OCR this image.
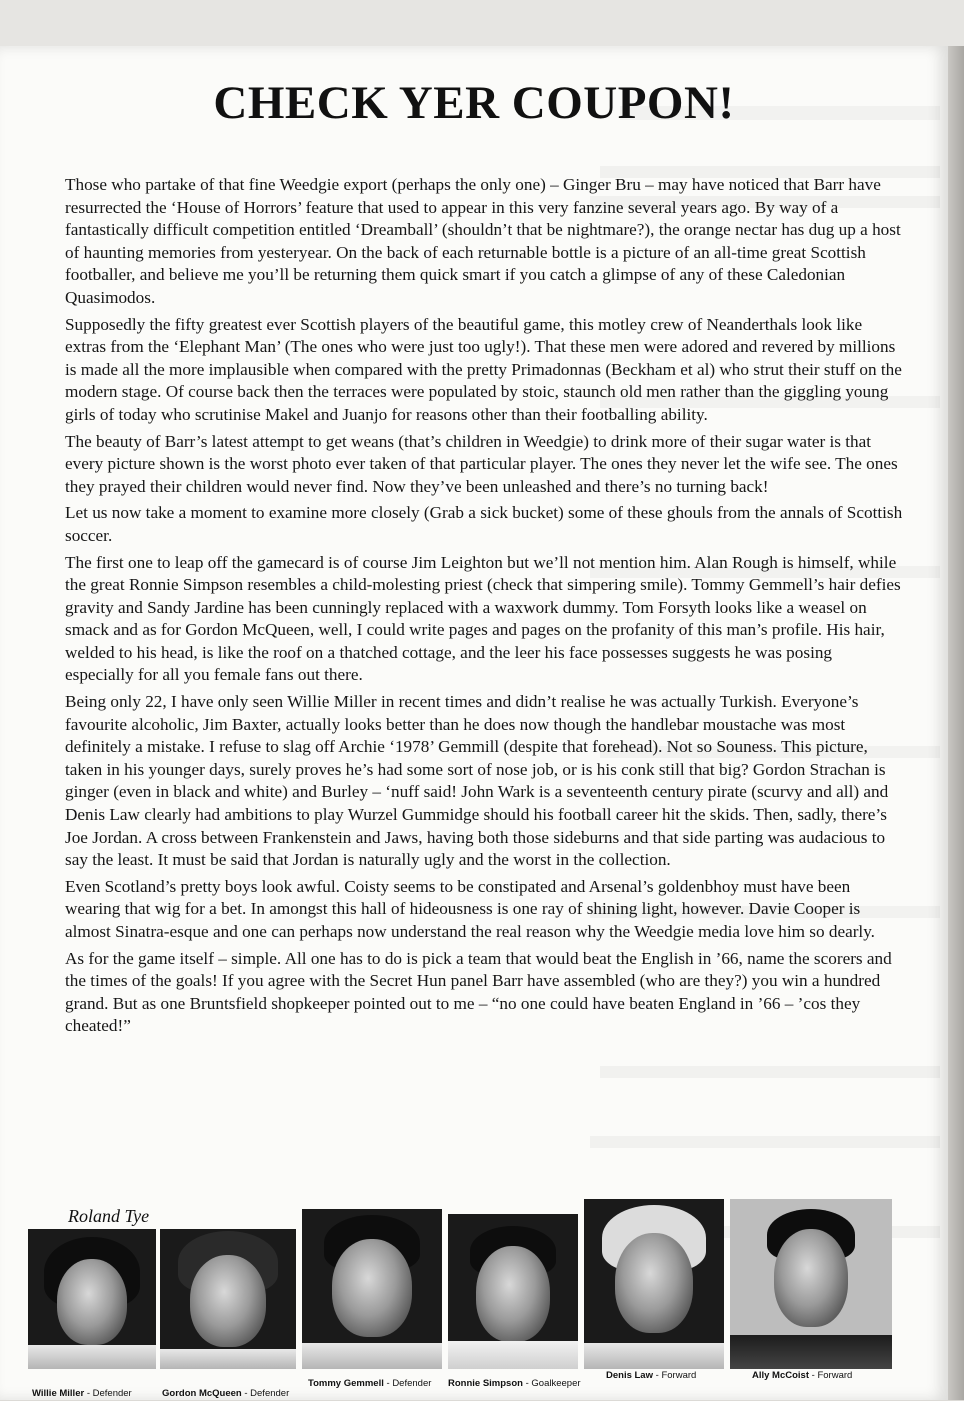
CHECK YER COUPON!

Those who partake of that fine Weedgie export (perhaps the only one) – Ginger Bru – may have noticed that Barr have resurrected the ‘House of Horrors’ feature that used to appear in this very fanzine several years ago. By way of a fantastically difficult competition entitled ‘Dreamball’ (shouldn’t that be nightmare?), the orange nectar has dug up a host of haunting memories from yesteryear. On the back of each returnable bottle is a picture of an all-time great Scottish footballer, and believe me you’ll be returning them quick smart if you catch a glimpse of any of these Caledonian Quasimodos.

Supposedly the fifty greatest ever Scottish players of the beautiful game, this motley crew of Neanderthals look like extras from the ‘Elephant Man’ (The ones who were just too ugly!). That these men were adored and revered by millions is made all the more implausible when compared with the pretty Primadonnas (Beckham et al) who strut their stuff on the modern stage. Of course back then the terraces were populated by stoic, staunch old men rather than the giggling young girls of today who scrutinise Makel and Juanjo for reasons other than their footballing ability.

The beauty of Barr’s latest attempt to get weans (that’s children in Weedgie) to drink more of their sugar water is that every picture shown is the worst photo ever taken of that particular player. The ones they never let the wife see. The ones they prayed their children would never find. Now they’ve been unleashed and there’s no turning back!

Let us now take a moment to examine more closely (Grab a sick bucket) some of these ghouls from the annals of Scottish soccer.

The first one to leap off the gamecard is of course Jim Leighton but we’ll not mention him. Alan Rough is himself, while the great Ronnie Simpson resembles a child-molesting priest (check that simpering smile). Tommy Gemmell’s hair defies gravity and Sandy Jardine has been cunningly replaced with a waxwork dummy. Tom Forsyth looks like a weasel on smack and as for Gordon McQueen, well, I could write pages and pages on the profanity of this man’s profile. His hair, welded to his head, is like the roof on a thatched cottage, and the leer his face possesses suggests he was posing especially for all you female fans out there.

Being only 22, I have only seen Willie Miller in recent times and didn’t realise he was actually Turkish. Everyone’s favourite alcoholic, Jim Baxter, actually looks better than he does now though the handlebar moustache was most definitely a mistake. I refuse to slag off Archie ‘1978’ Gemmill (despite that forehead). Not so Souness. This picture, taken in his younger days, surely proves he’s had some sort of nose job, or is his conk still that big? Gordon Strachan is ginger (even in black and white) and Burley – ‘nuff said! John Wark is a seventeenth century pirate (scurvy and all) and Denis Law clearly had ambitions to play Wurzel Gummidge should his football career hit the skids. Then, sadly, there’s Joe Jordan. A cross between Frankenstein and Jaws, having both those sideburns and that side parting was audacious to say the least. It must be said that Jordan is naturally ugly and the worst in the collection.

Even Scotland’s pretty boys look awful. Coisty seems to be constipated and Arsenal’s goldenbhoy must have been wearing that wig for a bet. In amongst this hall of hideousness is one ray of shining light, however. Davie Cooper is almost Sinatra-esque and one can perhaps now understand the real reason why the Weedgie media love him so dearly.

As for the game itself – simple. All one has to do is pick a team that would beat the English in ’66, name the scorers and the times of the goals! If you agree with the Secret Hun panel Barr have assembled (who are they?) you win a hundred grand. But as one Bruntsfield shopkeeper pointed out to me – “no one could have beaten England in ’66 – ’cos they cheated!”

Roland Tye
Willie Miller - Defender	Gordon McQueen - Defender
Tommy Gemmell - Defender Ronnie Simpson - Goalkeeper
Denis Law - Forward	Ally McCoist - Forward
